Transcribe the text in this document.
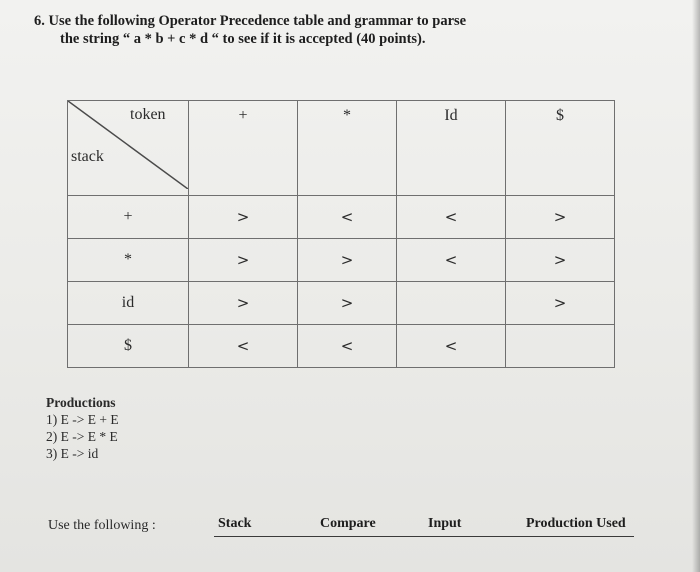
6. Use the following Operator Precedence table and grammar to parse
the string “ a * b + c * d “ to see if it is accepted (40 points).
token
stack	+	*	Id	$
+	>	<	<	>
*	>	>	<	>
id	>	>		>
$	<	<	<	
Productions
1) E -> E + E
2) E -> E * E
3) E -> id
Use the following :	Stack	Compare	Input	Production Used
